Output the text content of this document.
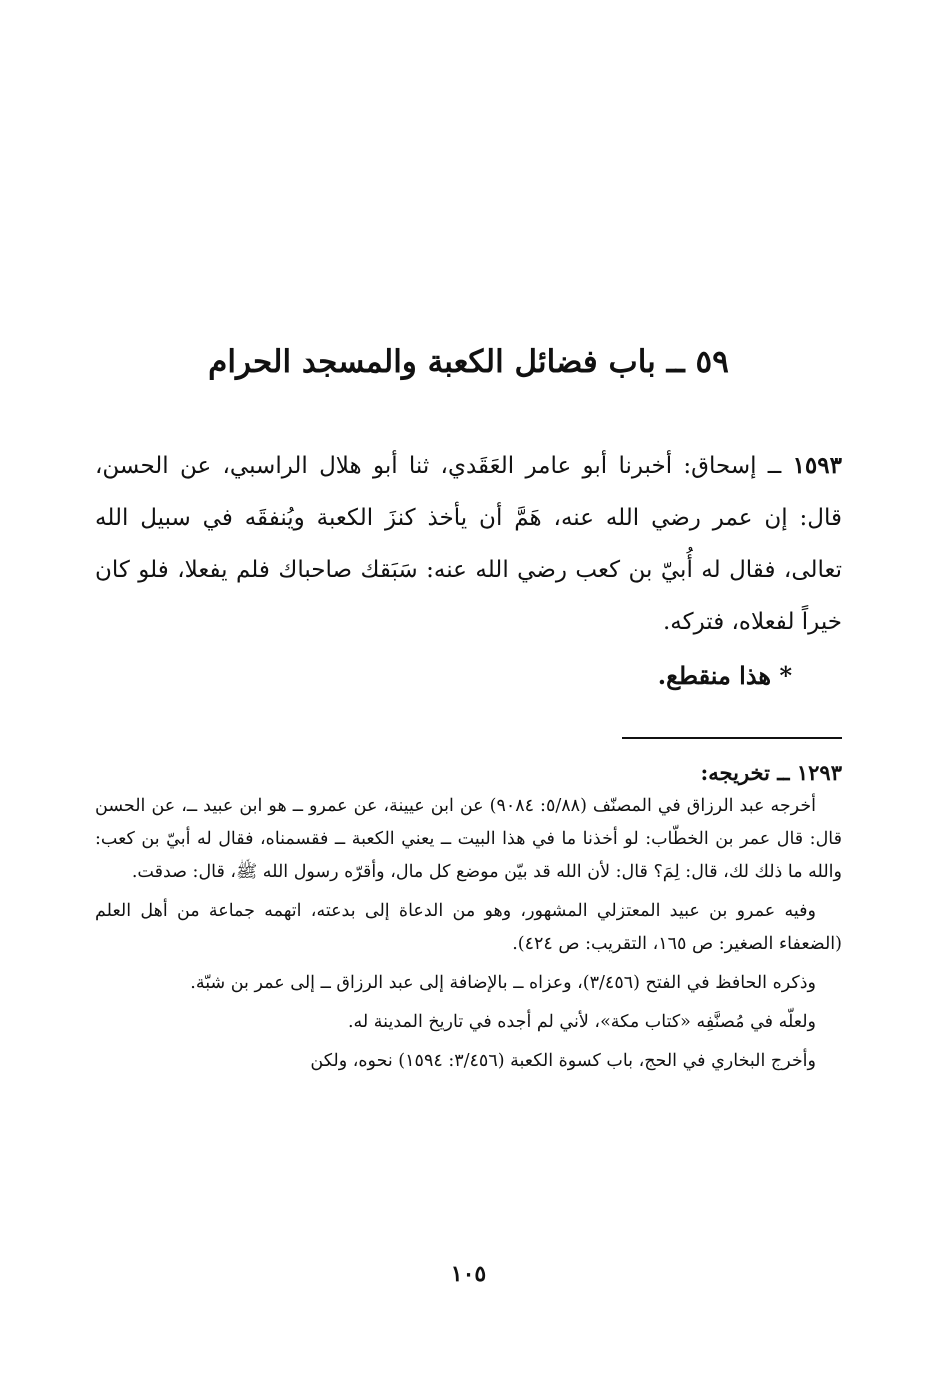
٥٩ ــ باب فضائل الكعبة والمسجد الحرام

١٥٩٣ ــ إسحاق: أخبرنا أبو عامر العَقَدي، ثنا أبو هلال الراسبي، عن الحسن، قال: إن عمر رضي الله عنه، هَمَّ أن يأخذ كنزَ الكعبة ويُنفقَه في سبيل الله تعالى، فقال له أُبيّ بن كعب رضي الله عنه: سَبَقك صاحباك فلم يفعلا، فلو كان خيراً لفعلاه، فتركه.

* هذا منقطع.

١٢٩٣ ــ تخريجه:

أخرجه عبد الرزاق في المصنّف (٥/٨٨: ٩٠٨٤) عن ابن عيينة، عن عمرو ــ هو ابن عبيد ــ، عن الحسن قال: قال عمر بن الخطّاب: لو أخذنا ما في هذا البيت ــ يعني الكعبة ــ فقسمناه، فقال له أبيّ بن كعب: والله ما ذلك لك، قال: لِمَ؟ قال: لأن الله قد بيّن موضع كل مال، وأقرّه رسول الله ﷺ، قال: صدقت.

وفيه عمرو بن عبيد المعتزلي المشهور، وهو من الدعاة إلى بدعته، اتهمه جماعة من أهل العلم (الضعفاء الصغير: ص ١٦٥، التقريب: ص ٤٢٤).

وذكره الحافظ في الفتح (٣/٤٥٦)، وعزاه ــ بالإضافة إلى عبد الرزاق ــ إلى عمر بن شبّة.

ولعلّه في مُصنَّفِه «كتاب مكة»، لأني لم أجده في تاريخ المدينة له.

وأخرج البخاري في الحج، باب كسوة الكعبة (٣/٤٥٦: ١٥٩٤) نحوه، ولكن

١٠٥
